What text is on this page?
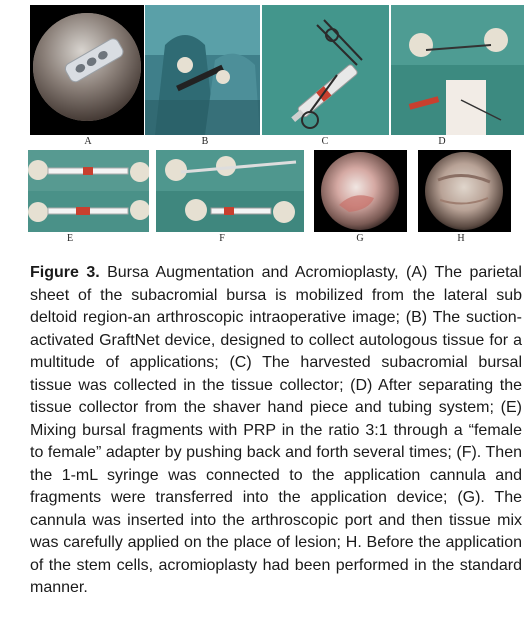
A	B	C	D
E	F	G	H

Figure 3. Bursa Augmentation and Acromioplasty, (A) The parietal sheet of the subacromial bursa is mobilized from the lateral sub deltoid region-an arthroscopic intraoperative image; (B) The suction-activated GraftNet device, designed to collect autologous tissue for a multitude of applications; (C) The harvested subacromial bursal tissue was collected in the tissue collector; (D) After separating the tissue collector from the shaver hand piece and tubing system; (E) Mixing bursal fragments with PRP in the ratio 3:1 through a “female to female” adapter by pushing back and forth several times; (F). Then the 1-mL syringe was connected to the application cannula and fragments were transferred into the application device; (G). The cannula was inserted into the arthroscopic port and then tissue mix was carefully applied on the place of lesion; H. Before the application of the stem cells, acromioplasty had been performed in the standard manner.
